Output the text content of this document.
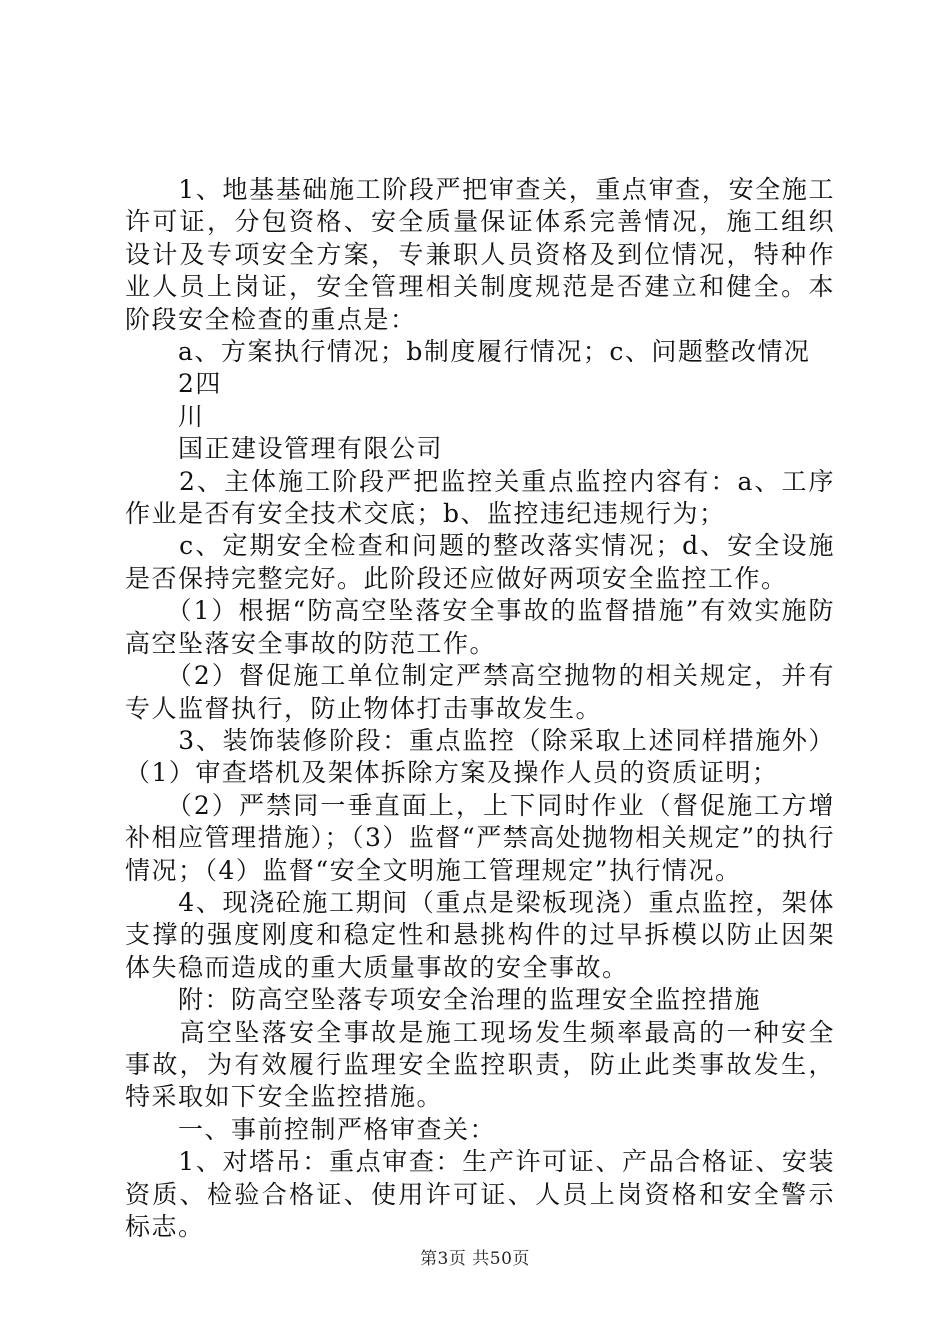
　　1、地基基础施工阶段严把审查关，重点审查，安全施工许可证，分包资格、安全质量保证体系完善情况，施工组织设计及专项安全方案，专兼职人员资格及到位情况，特种作业人员上岗证，安全管理相关制度规范是否建立和健全。本阶段安全检查的重点是：

　　a、方案执行情况；b制度履行情况；c、问题整改情况

　　2四

　　川

　　国正建设管理有限公司

　　2、主体施工阶段严把监控关重点监控内容有：a、工序作业是否有安全技术交底；b、监控违纪违规行为；

　　c、定期安全检查和问题的整改落实情况；d、安全设施是否保持完整完好。此阶段还应做好两项安全监控工作。

　　（1）根据“防高空坠落安全事故的监督措施”有效实施防高空坠落安全事故的防范工作。

　　（2）督促施工单位制定严禁高空抛物的相关规定，并有专人监督执行，防止物体打击事故发生。

　　3、装饰装修阶段：重点监控（除采取上述同样措施外）（1）审查塔机及架体拆除方案及操作人员的资质证明；

　　（2）严禁同一垂直面上，上下同时作业（督促施工方增补相应管理措施）；（3）监督“严禁高处抛物相关规定”的执行情况；（4）监督“安全文明施工管理规定”执行情况。

　　4、现浇砼施工期间（重点是梁板现浇）重点监控，架体支撑的强度刚度和稳定性和悬挑构件的过早拆模以防止因架体失稳而造成的重大质量事故的安全事故。

　　附：防高空坠落专项安全治理的监理安全监控措施

　　高空坠落安全事故是施工现场发生频率最高的一种安全事故，为有效履行监理安全监控职责，防止此类事故发生，特采取如下安全监控措施。

　　一、事前控制严格审查关：

　　1、对塔吊：重点审查：生产许可证、产品合格证、安装资质、检验合格证、使用许可证、人员上岗资格和安全警示标志。

第3页 共50页
